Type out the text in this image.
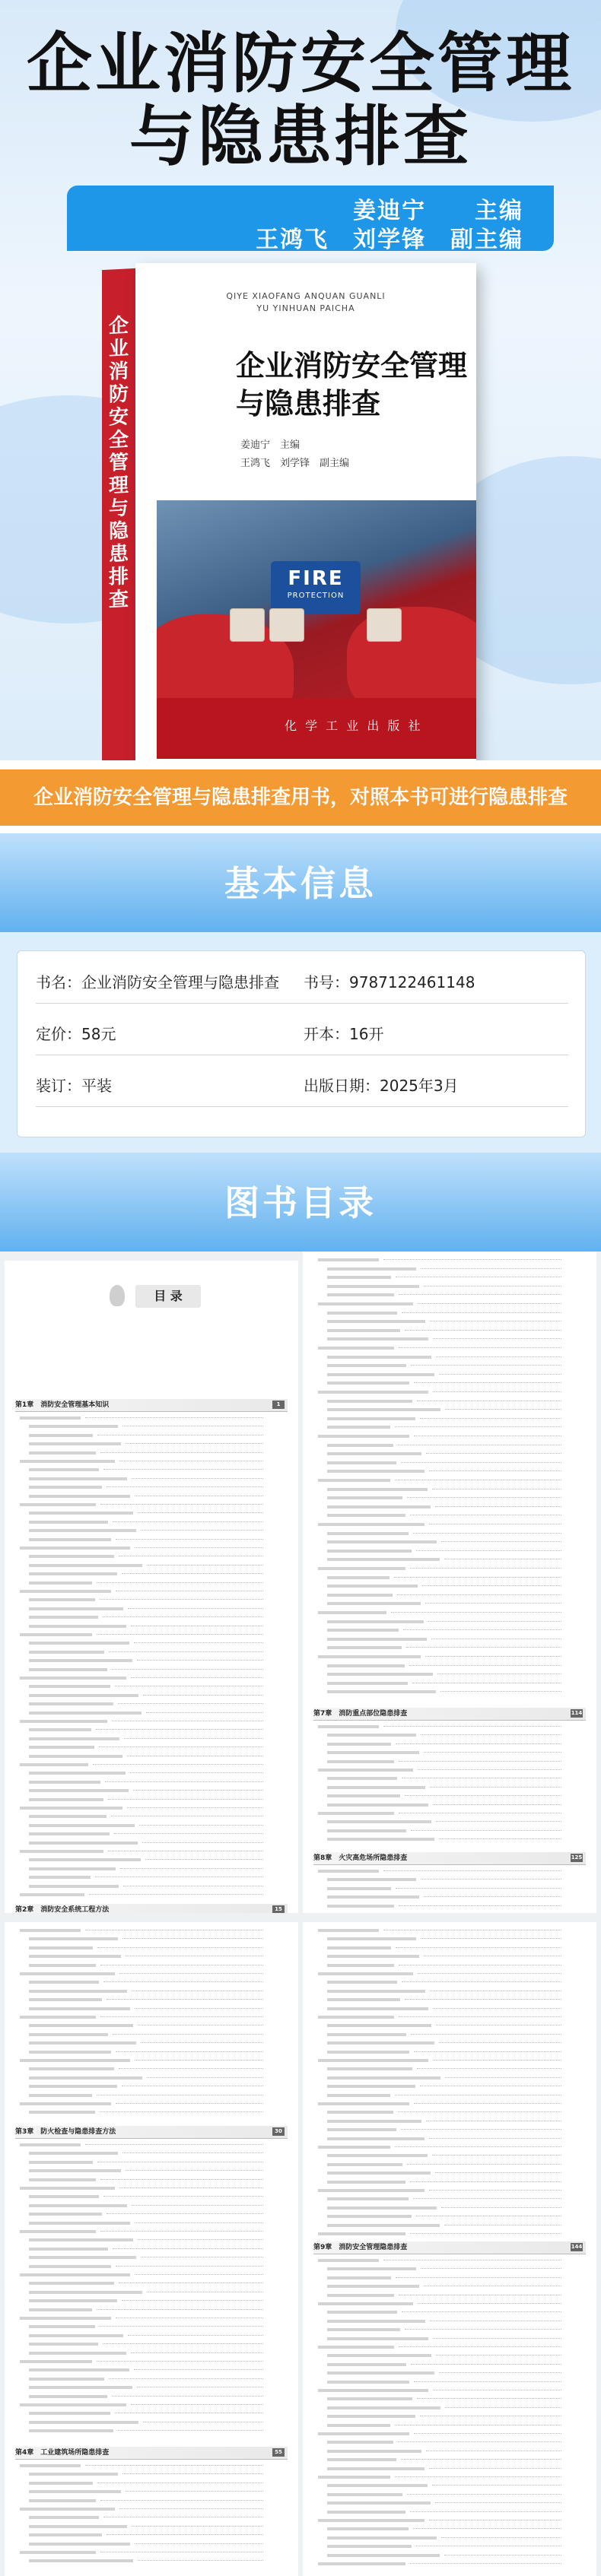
企业消防安全管理
与隐患排查
姜迪宁　　主编
王鸿飞　刘学锋　副主编
企业消防安全管理与隐患排查
QIYE XIAOFANG ANQUAN GUANLI
YU YINHUAN PAICHA
企业消防安全管理
与隐患排查
姜迪宁　主编
王鸿飞　刘学锋　副主编
FIRE
PROTECTION
化 学 工 业 出 版 社
企业消防安全管理与隐患排查用书，对照本书可进行隐患排查
基本信息
书名：企业消防安全管理与隐患排查 书号：9787122461148
定价：58元	开本：16开
装订：平装	出版日期：2025年3月
图书目录
目 录
第1章　消防安全管理基本知识	1
第2章　消防安全系统工程方法	15
第7章　消防重点部位隐患排查	114
第8章　火灾高危场所隐患排查	125
第3章　防火检查与隐患排查方法	30
第4章　工业建筑场所隐患排查	55
第9章　消防安全管理隐患排查	144
